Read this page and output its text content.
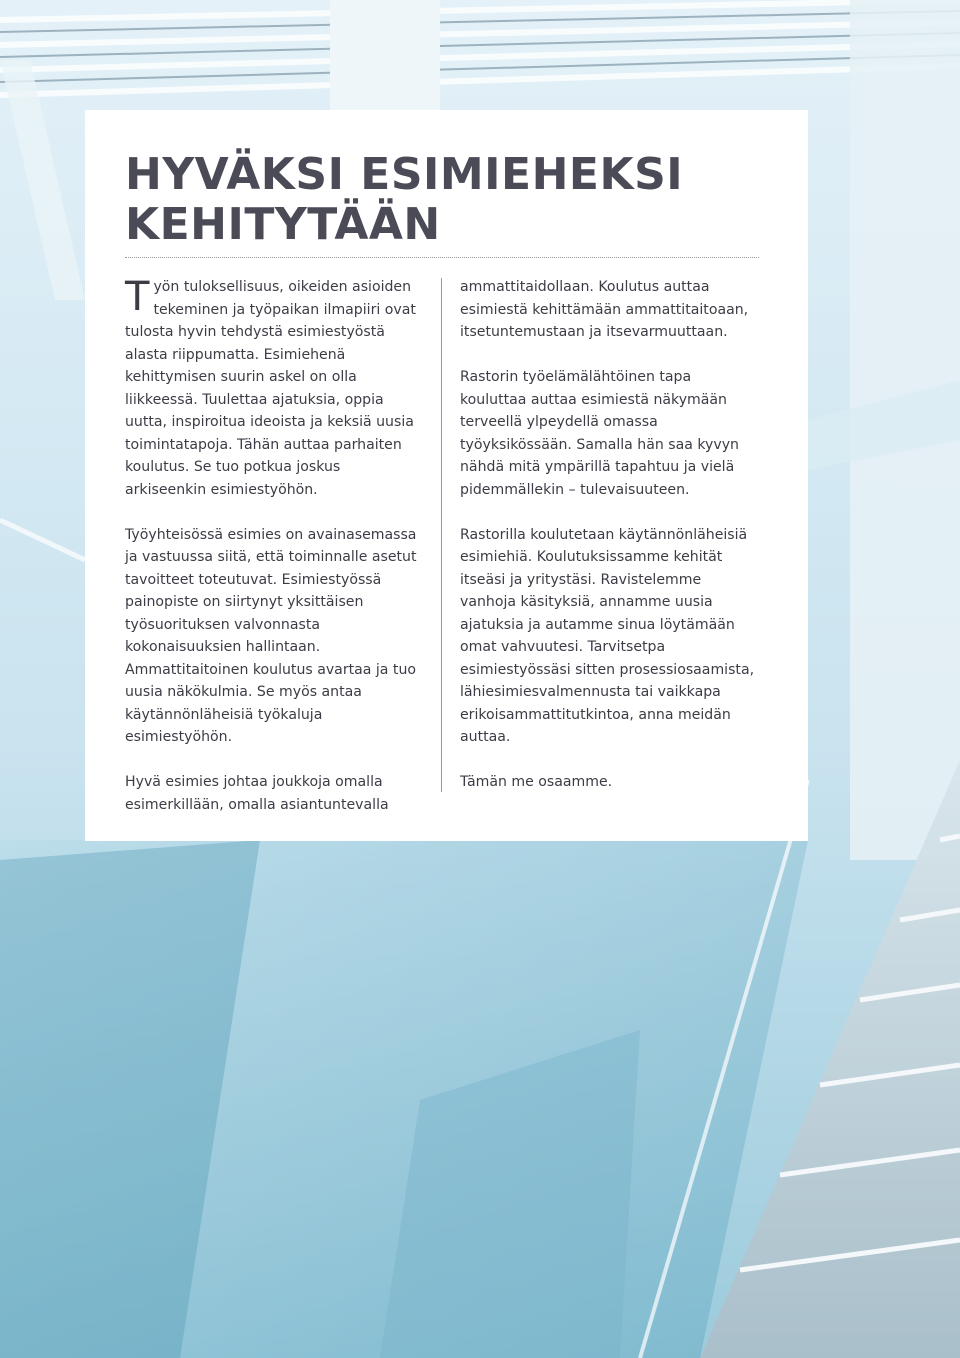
HYVÄKSI ESIMIEHEKSI
KEHITYTÄÄN

Työn tuloksellisuus, oikeiden asioiden tekeminen ja työpaikan ilmapiiri ovat tulosta hyvin tehdystä esimiestyöstä alasta riippumatta. Esimiehenä kehittymisen suurin askel on olla liikkeessä. Tuulettaa ajatuksia, oppia uutta, inspiroitua ideoista ja keksiä uusia toimintatapoja. Tähän auttaa parhaiten koulutus. Se tuo potkua joskus arkiseenkin esimiestyöhön.

Työyhteisössä esimies on avainasemassa ja vastuussa siitä, että toiminnalle asetut tavoitteet toteutuvat. Esimiestyössä painopiste on siirtynyt yksittäisen työsuorituksen valvonnasta kokonaisuuksien hallintaan. Ammattitaitoinen koulutus avartaa ja tuo uusia näkökulmia. Se myös antaa käytännönläheisiä työkaluja esimiestyöhön.

Hyvä esimies johtaa joukkoja omalla esimerkillään, omalla asiantuntevalla

ammattitaidollaan. Koulutus auttaa esimiestä kehittämään ammattitaitoaan, itsetuntemustaan ja itsevarmuuttaan.

Rastorin työelämälähtöinen tapa kouluttaa auttaa esimiestä näkymään terveellä ylpeydellä omassa työyksikössään. Samalla hän saa kyvyn nähdä mitä ympärillä tapahtuu ja vielä pidemmällekin – tulevaisuuteen.

Rastorilla koulutetaan käytännönläheisiä esimiehiä. Koulutuksissamme kehität itseäsi ja yritystäsi. Ravistelemme vanhoja käsityksiä, annamme uusia ajatuksia ja autamme sinua löytämään omat vahvuutesi. Tarvitsetpa esimiestyössäsi sitten prosessiosaamista, lähiesimiesvalmennusta tai vaikkapa erikoisammattitutkintoa, anna meidän auttaa.

Tämän me osaamme.
